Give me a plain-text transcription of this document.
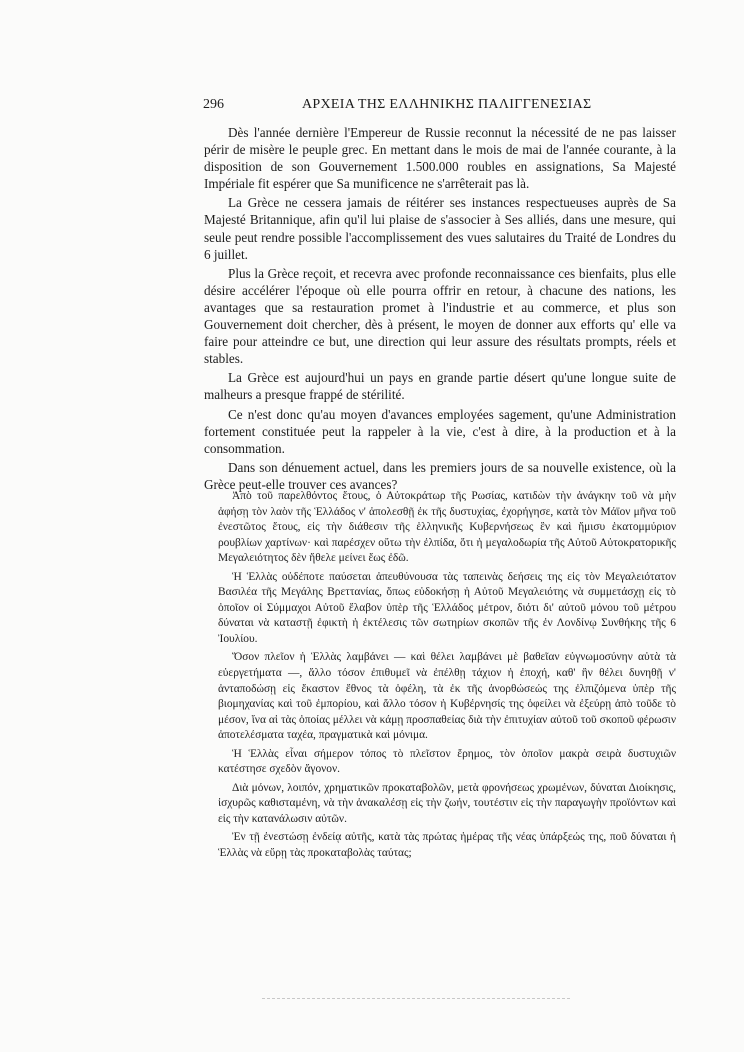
296	ΑΡΧΕΙΑ ΤΗΣ ΕΛΛΗΝΙΚΗΣ ΠΑΛΙΓΓΕΝΕΣΙΑΣ

Dès l'année dernière l'Empereur de Russie reconnut la nécessité de ne pas laisser périr de misère le peuple grec. En mettant dans le mois de mai de l'année courante, à la disposition de son Gouvernement 1.500.000 roubles en assignations, Sa Majesté Impériale fit espérer que Sa munificence ne s'arrêterait pas là.

La Grèce ne cessera jamais de réitérer ses instances respectueuses auprès de Sa Majesté Britannique, afin qu'il lui plaise de s'associer à Ses alliés, dans une mesure, qui seule peut rendre possible l'accomplissement des vues salutaires du Traité de Londres du 6 juillet.

Plus la Grèce reçoit, et recevra avec profonde reconnaissance ces bienfaits, plus elle désire accélérer l'époque où elle pourra offrir en retour, à chacune des nations, les avantages que sa restauration promet à l'industrie et au commerce, et plus son Gouvernement doit chercher, dès à présent, le moyen de donner aux efforts qu' elle va faire pour atteindre ce but, une direction qui leur assure des résultats prompts, réels et stables.

La Grèce est aujourd'hui un pays en grande partie désert qu'une longue suite de malheurs a presque frappé de stérilité.

Ce n'est donc qu'au moyen d'avances employées sagement, qu'une Administration fortement constituée peut la rappeler à la vie, c'est à dire, à la production et à la consommation.

Dans son dénuement actuel, dans les premiers jours de sa nouvelle existence, où la Grèce peut-elle trouver ces avances?

Ἀπὸ τοῦ παρελθόντος ἔτους, ὁ Αὐτοκράτωρ τῆς Ρωσίας, κατιδὼν τὴν ἀνάγκην τοῦ νὰ μὴν ἀφήσῃ τὸν λαὸν τῆς Ἑλλάδος ν' ἀπολεσθῇ ἐκ τῆς δυστυχίας, ἐχορήγησε, κατὰ τὸν Μάϊον μῆνα τοῦ ἐνεστῶτος ἔτους, εἰς τὴν διάθεσιν τῆς ἑλληνικῆς Κυβερνήσεως ἓν καὶ ἥμισυ ἑκατομμύριον ρουβλίων χαρτίνων· καὶ παρέσχεν οὕτω τὴν ἐλπίδα, ὅτι ἡ μεγαλοδωρία τῆς Αὐτοῦ Αὐτοκρατορικῆς Μεγαλειότητος δὲν ἤθελε μείνει ἕως ἐδῶ.

Ἡ Ἑλλὰς οὐδέποτε παύσεται ἀπευθύνουσα τὰς ταπεινὰς δεήσεις της εἰς τὸν Μεγαλειότατον Βασιλέα τῆς Μεγάλης Βρεττανίας, ὅπως εὐδοκήσῃ ἡ Αὐτοῦ Μεγαλειότης νὰ συμμετάσχῃ εἰς τὸ ὁποῖον οἱ Σύμμαχοι Αὐτοῦ ἔλαβον ὑπὲρ τῆς Ἑλλάδος μέτρον, διότι δι' αὐτοῦ μόνου τοῦ μέτρου δύναται νὰ καταστῇ ἐφικτὴ ἡ ἐκτέλεσις τῶν σωτηρίων σκοπῶν τῆς ἐν Λονδίνῳ Συνθήκης τῆς 6 Ἰουλίου.

Ὅσον πλεῖον ἡ Ἑλλὰς λαμβάνει — καὶ θέλει λαμβάνει μὲ βαθεῖαν εὐγνωμοσύνην αὐτὰ τὰ εὐεργετήματα —, ἄλλο τόσον ἐπιθυμεῖ νὰ ἐπέλθῃ τάχιον ἡ ἐποχή, καθ' ἣν θέλει δυνηθῇ ν' ἀνταποδώσῃ εἰς ἕκαστον ἔθνος τὰ ὀφέλη, τὰ ἐκ τῆς ἀνορθώσεώς της ἐλπιζόμενα ὑπὲρ τῆς βιομηχανίας καὶ τοῦ ἐμπορίου, καὶ ἄλλο τόσον ἡ Κυβέρνησίς της ὀφείλει νὰ ἐξεύρῃ ἀπὸ τοῦδε τὸ μέσον, ἵνα αἱ τὰς ὁποίας μέλλει νὰ κάμῃ προσπαθείας διὰ τὴν ἐπιτυχίαν αὐτοῦ τοῦ σκοποῦ φέρωσιν ἀποτελέσματα ταχέα, πραγματικὰ καὶ μόνιμα.

Ἡ Ἑλλὰς εἶναι σήμερον τόπος τὸ πλεῖστον ἔρημος, τὸν ὁποῖον μακρὰ σειρὰ δυστυχιῶν κατέστησε σχεδὸν ἄγονον.

Διὰ μόνων, λοιπόν, χρηματικῶν προκαταβολῶν, μετὰ φρονήσεως χρωμένων, δύναται Διοίκησις, ἰσχυρῶς καθισταμένη, νὰ τὴν ἀνακαλέσῃ εἰς τὴν ζωήν, τουτέστιν εἰς τὴν παραγωγὴν προϊόντων καὶ εἰς τὴν κατανάλωσιν αὐτῶν.

Ἐν τῇ ἐνεστώσῃ ἐνδείᾳ αὐτῆς, κατὰ τὰς πρώτας ἡμέρας τῆς νέας ὑπάρξεώς της, ποῦ δύναται ἡ Ἑλλὰς νὰ εὕρῃ τὰς προκαταβολὰς ταύτας;
